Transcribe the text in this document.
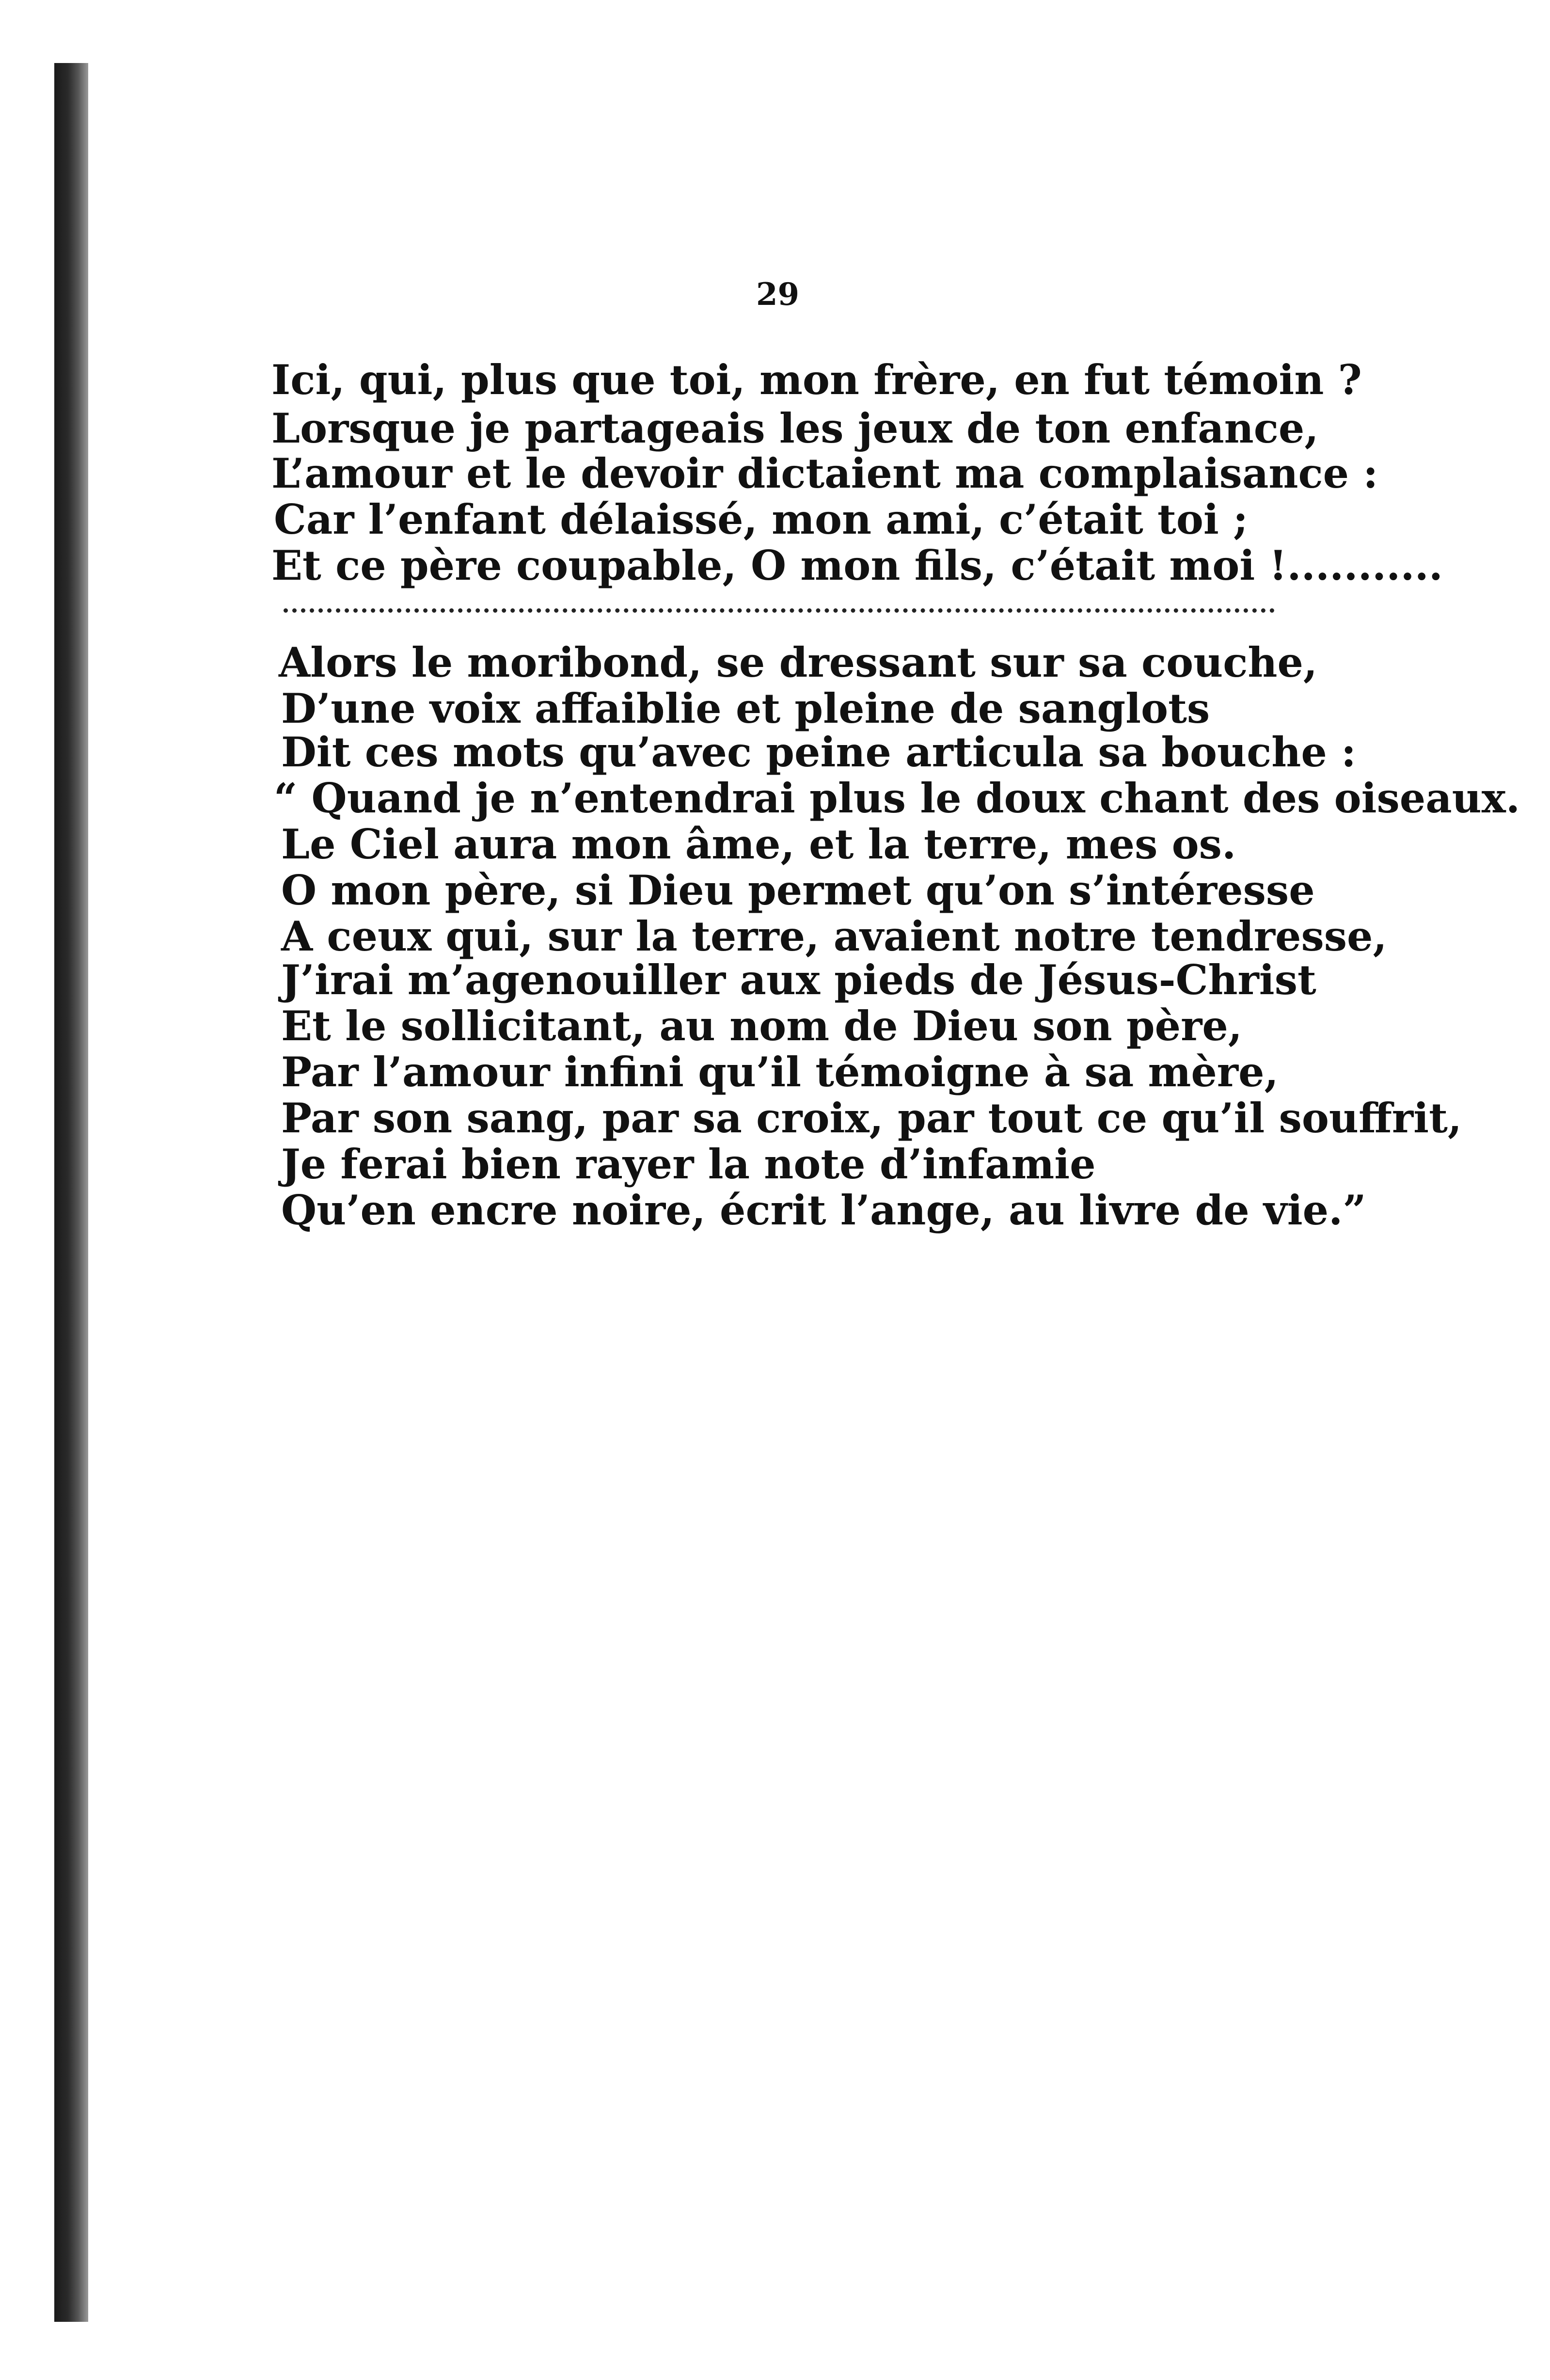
29
Ici, qui, plus que toi, mon frère, en fut témoin ?
Lorsque je partageais les jeux de ton enfance,
L’amour et le devoir dictaient ma complaisance :
Car l’enfant délaissé, mon ami, c’était toi ;
Et ce père coupable, O mon fils, c’était moi !...........
Alors le moribond, se dressant sur sa couche,
D’une voix affaiblie et pleine de sanglots
Dit ces mots qu’avec peine articula sa bouche :
“ Quand je n’entendrai plus le doux chant des oiseaux.
Le Ciel aura mon âme, et la terre, mes os.
O mon père, si Dieu permet qu’on s’intéresse
A ceux qui, sur la terre, avaient notre tendresse,
J’irai m’agenouiller aux pieds de Jésus-Christ
Et le sollicitant, au nom de Dieu son père,
Par l’amour infini qu’il témoigne à sa mère,
Par son sang, par sa croix, par tout ce qu’il souffrit,
Je ferai bien rayer la note d’infamie
Qu’en encre noire, écrit l’ange, au livre de vie.”
